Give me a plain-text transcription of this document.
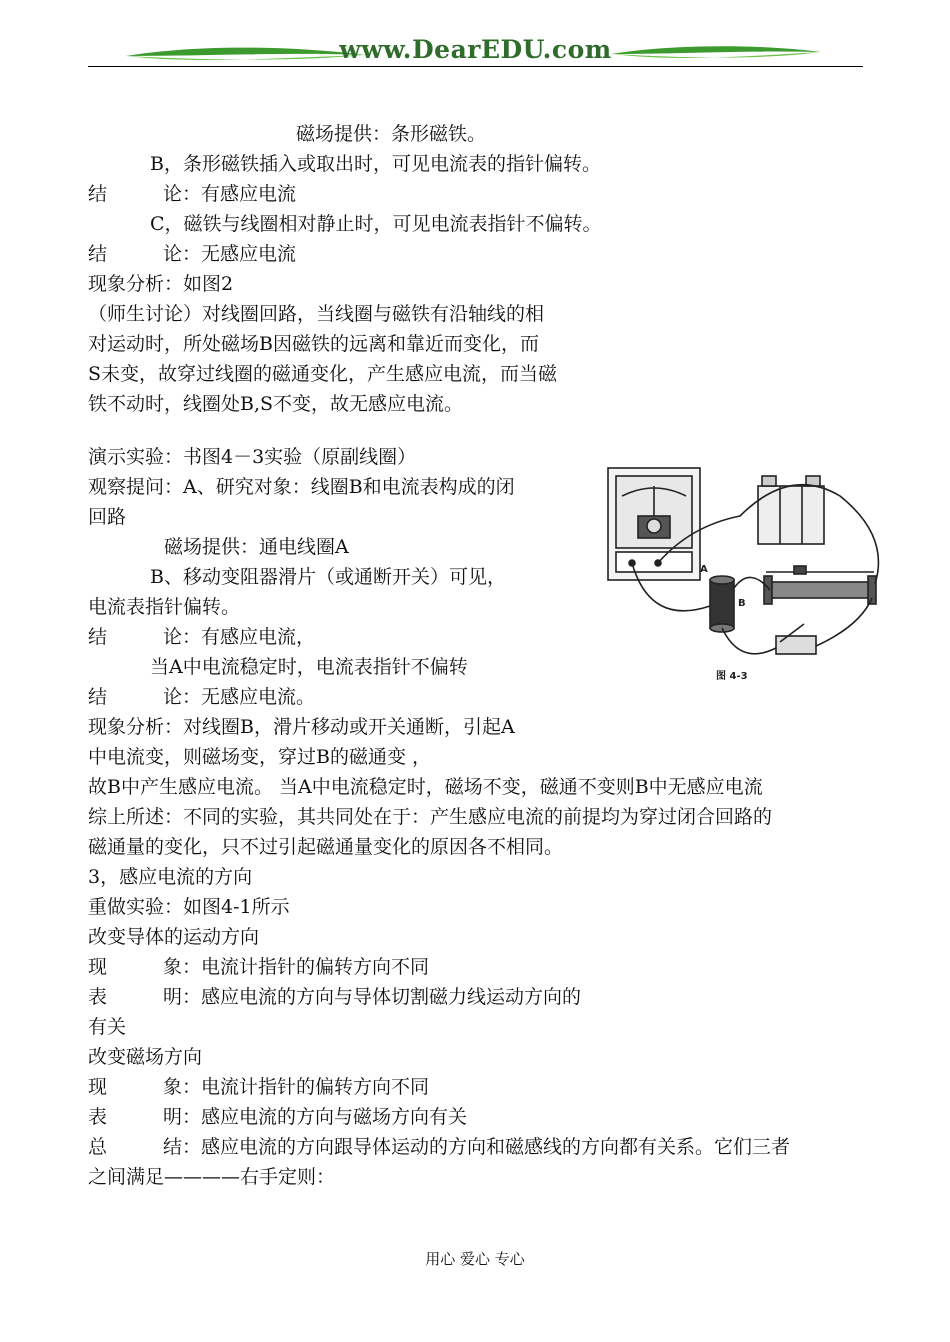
www.DearEDU.com
磁场提供：条形磁铁。
B，条形磁铁插入或取出时，可见电流表的指针偏转。
结	论：有感应电流
C，磁铁与线圈相对静止时，可见电流表指针不偏转。
结	论：无感应电流
现象分析：如图2
（师生讨论）对线圈回路，当线圈与磁铁有沿轴线的相
对运动时，所处磁场B因磁铁的远离和靠近而变化，而
S未变，故穿过线圈的磁通变化，产生感应电流，而当磁
铁不动时，线圈处B,S不变，故无感应电流。
演示实验：书图4－3实验（原副线圈）
观察提问：A、研究对象：线圈B和电流表构成的闭
回路
磁场提供：通电线圈A
B、移动变阻器滑片（或通断开关）可见，
电流表指针偏转。
结	论：有感应电流，
当A中电流稳定时，电流表指针不偏转
结	论：无感应电流。
现象分析：对线圈B，滑片移动或开关通断，引起A
中电流变，则磁场变，穿过B的磁通变 ，
故B中产生感应电流。 当A中电流稳定时，磁场不变，磁通不变则B中无感应电流
综上所述：不同的实验，其共同处在于：产生感应电流的前提均为穿过闭合回路的
磁通量的变化，只不过引起磁通量变化的原因各不相同。
3，感应电流的方向
重做实验：如图4-1所示
改变导体的运动方向
现	象：电流计指针的偏转方向不同
表	明：感应电流的方向与导体切割磁力线运动方向的
有关
改变磁场方向
现	象：电流计指针的偏转方向不同
表	明：感应电流的方向与磁场方向有关
总	结：感应电流的方向跟导体运动的方向和磁感线的方向都有关系。它们三者
之间满足————右手定则：
A
B
图 4-3
用心 爱心 专心
